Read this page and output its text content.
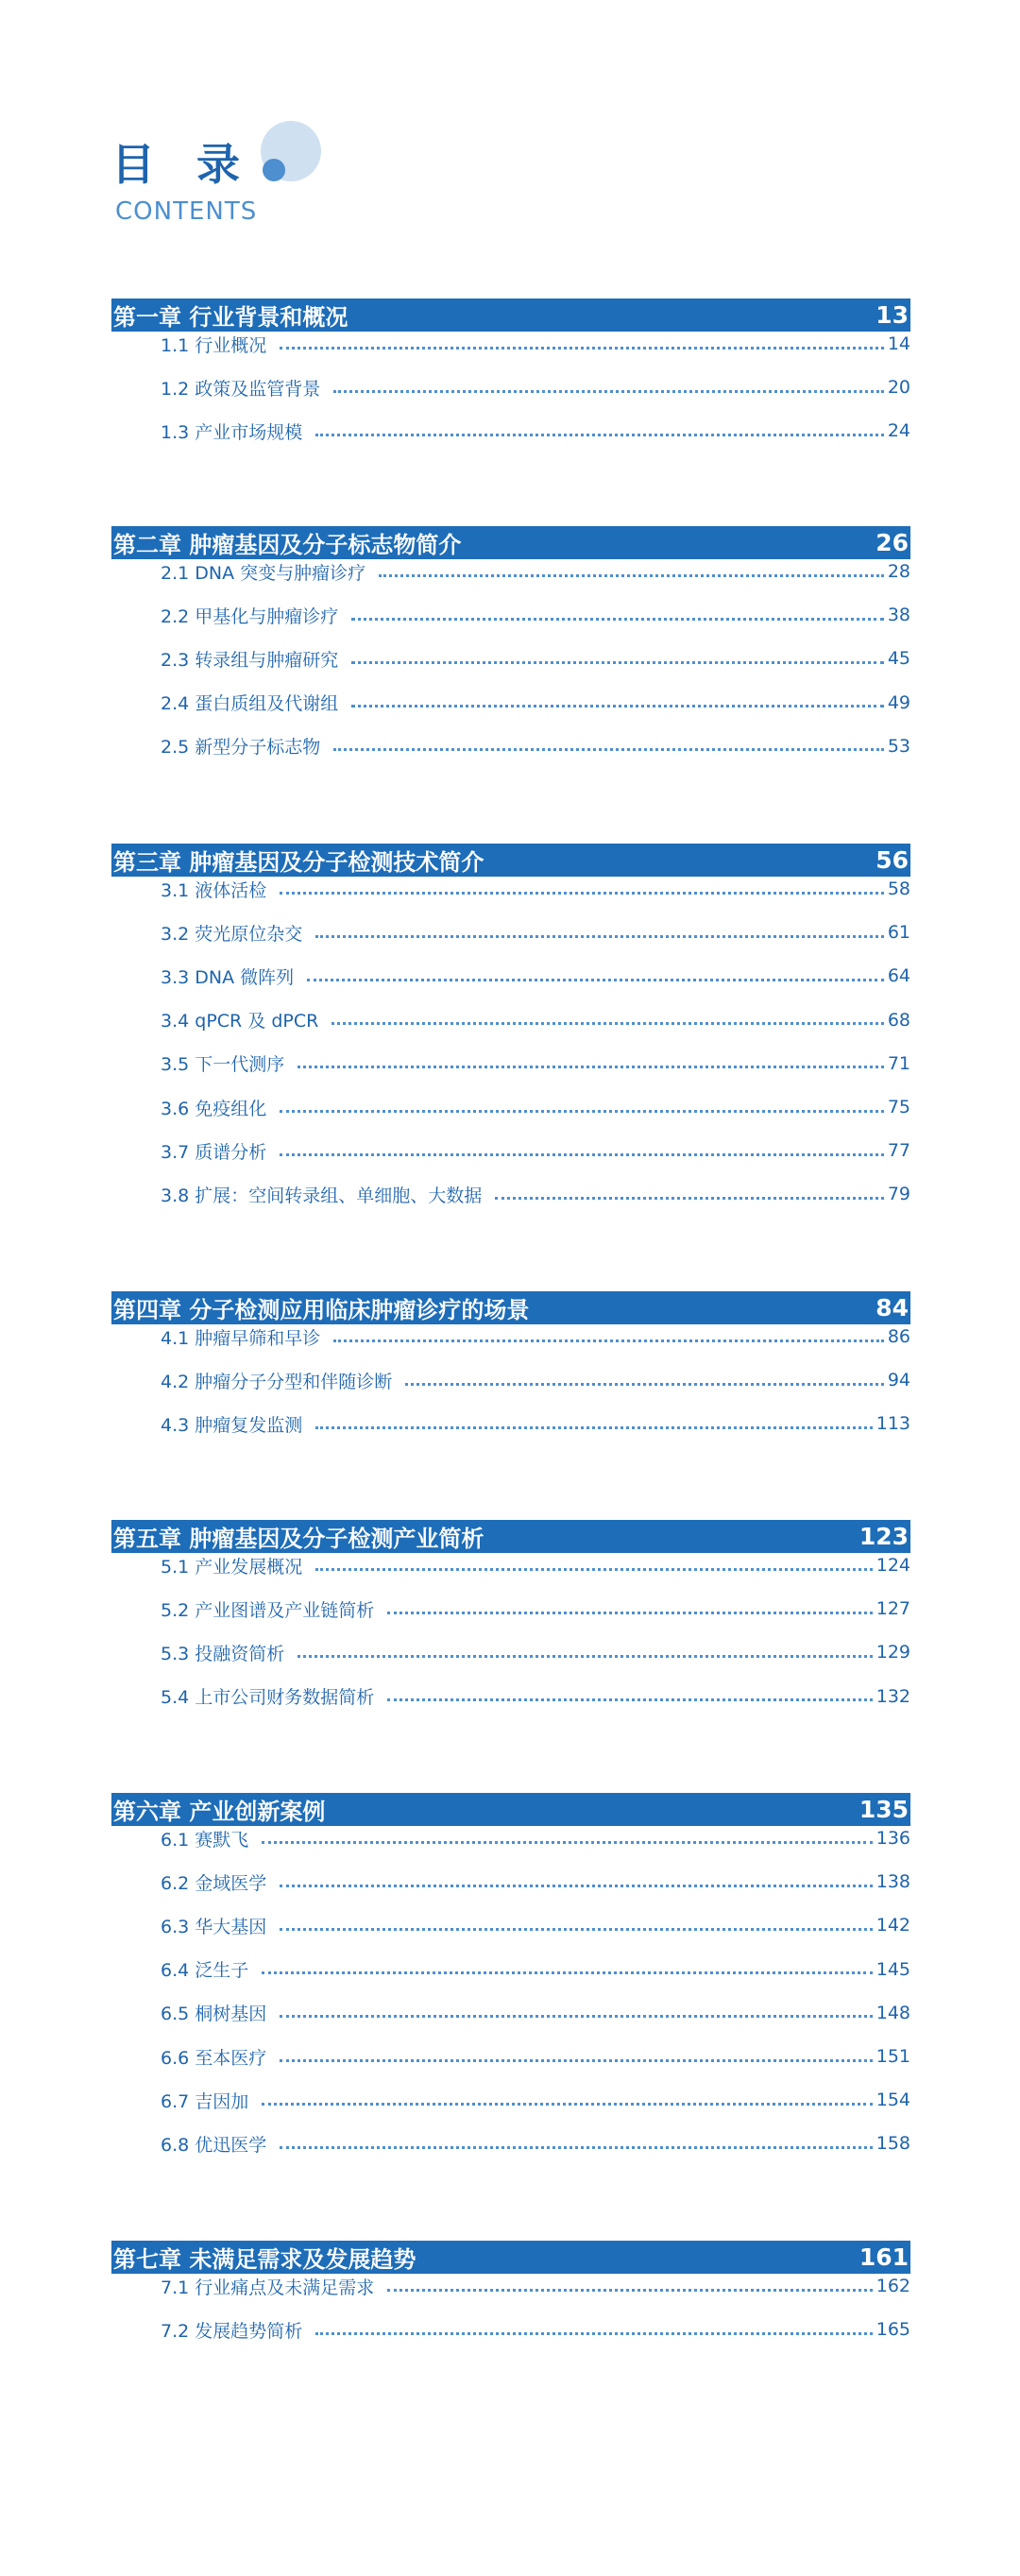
目录
CONTENTS
第一章 行业背景和概况	13
1.1 行业概况	14
1.2 政策及监管背景	20
1.3 产业市场规模	24
第二章 肿瘤基因及分子标志物简介	26
2.1 DNA 突变与肿瘤诊疗	28
2.2 甲基化与肿瘤诊疗	38
2.3 转录组与肿瘤研究	45
2.4 蛋白质组及代谢组	49
2.5 新型分子标志物	53
第三章 肿瘤基因及分子检测技术简介	56
3.1 液体活检	58
3.2 荧光原位杂交	61
3.3 DNA 微阵列	64
3.4 qPCR 及 dPCR	68
3.5 下一代测序	71
3.6 免疫组化	75
3.7 质谱分析	77
3.8 扩展：空间转录组、单细胞、大数据	79
第四章 分子检测应用临床肿瘤诊疗的场景	84
4.1 肿瘤早筛和早诊	86
4.2 肿瘤分子分型和伴随诊断	94
4.3 肿瘤复发监测	113
第五章 肿瘤基因及分子检测产业简析	123
5.1 产业发展概况	124
5.2 产业图谱及产业链简析	127
5.3 投融资简析	129
5.4 上市公司财务数据简析	132
第六章 产业创新案例	135
6.1 赛默飞	136
6.2 金域医学	138
6.3 华大基因	142
6.4 泛生子	145
6.5 桐树基因	148
6.6 至本医疗	151
6.7 吉因加	154
6.8 优迅医学	158
第七章 未满足需求及发展趋势	161
7.1 行业痛点及未满足需求	162
7.2 发展趋势简析	165
